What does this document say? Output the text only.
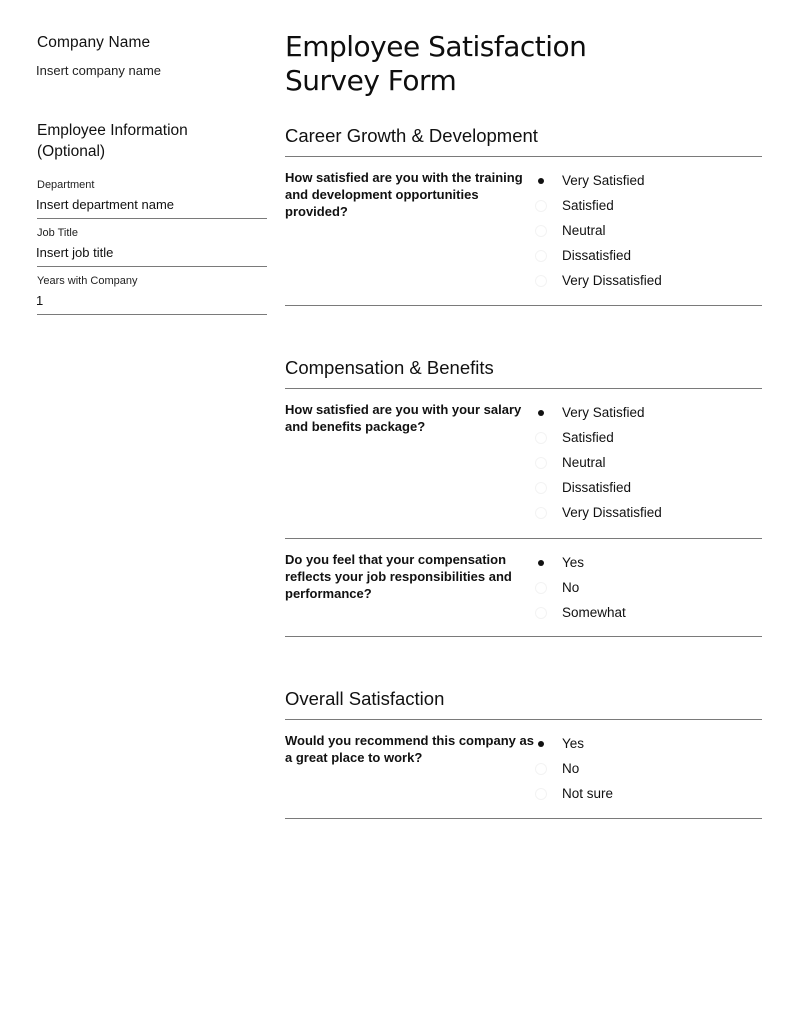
Company Name
Insert company name
Employee Information
(Optional)
Department
Insert department name
Job Title
Insert job title
Years with Company
1
Employee Satisfaction
Survey Form
Career Growth & Development
How satisfied are you with the training and development opportunities provided?
Very Satisfied
Satisfied
Neutral
Dissatisfied
Very Dissatisfied
Compensation & Benefits
How satisfied are you with your salary and benefits package?
Very Satisfied
Satisfied
Neutral
Dissatisfied
Very Dissatisfied
Do you feel that your compensation reflects your job responsibilities and performance?
Yes
No
Somewhat
Overall Satisfaction
Would you recommend this company as a great place to work?
Yes
No
Not sure
